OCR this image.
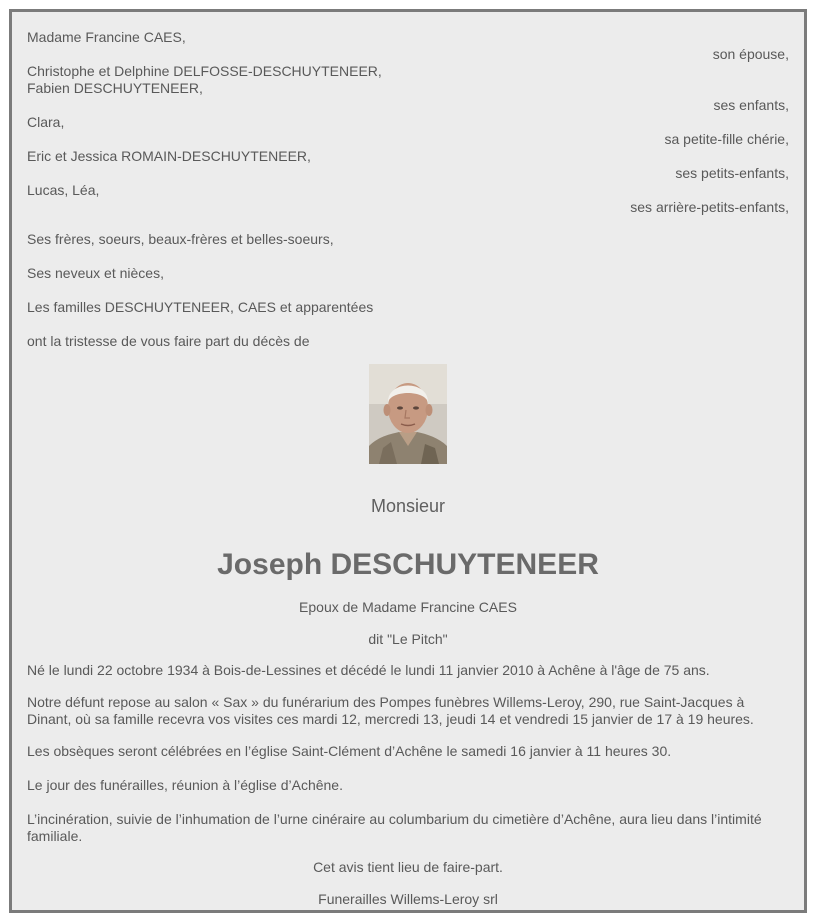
Madame Francine CAES,
son épouse,
Christophe et Delphine DELFOSSE-DESCHUYTENEER,
Fabien DESCHUYTENEER,
ses enfants,
Clara,
sa petite-fille chérie,
Eric et Jessica ROMAIN-DESCHUYTENEER,
ses petits-enfants,
Lucas, Léa,
ses arrière-petits-enfants,
Ses frères, soeurs, beaux-frères et belles-soeurs,
Ses neveux et nièces,
Les familles DESCHUYTENEER, CAES et apparentées
ont la tristesse de vous faire part du décès de
Monsieur
Joseph DESCHUYTENEER
Epoux de Madame Francine CAES
dit "Le Pitch"
Né le lundi 22 octobre 1934 à Bois-de-Lessines et décédé le lundi 11 janvier 2010 à Achêne à l'âge de 75 ans.
Notre défunt repose au salon « Sax » du funérarium des Pompes funèbres Willems-Leroy, 290, rue Saint-Jacques à Dinant, où sa famille recevra vos visites ces mardi 12, mercredi 13, jeudi 14 et vendredi 15 janvier de 17 à 19 heures.
Les obsèques seront célébrées en l’église Saint-Clément d’Achêne le samedi 16 janvier à 11 heures 30.
Le jour des funérailles, réunion à l’église d’Achêne.
L’incinération, suivie de l’inhumation de l’urne cinéraire au columbarium du cimetière d’Achêne, aura lieu dans l’intimité familiale.
Cet avis tient lieu de faire-part.
Funerailles Willems-Leroy srl
